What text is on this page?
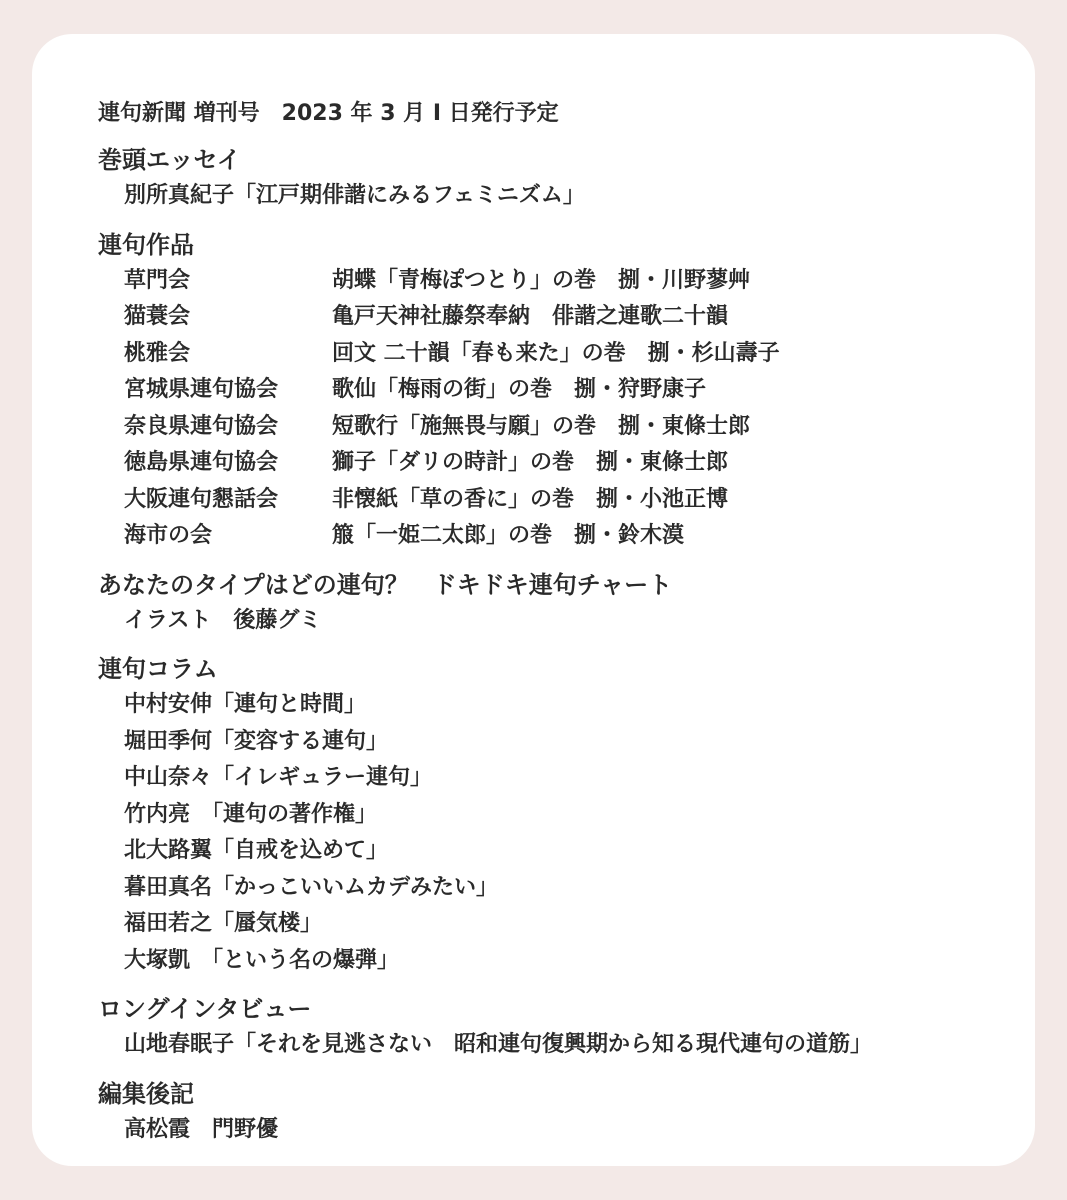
連句新聞 増刊号　2023 年 3 月 I 日発行予定
巻頭エッセイ
別所真紀子「江戸期俳諧にみるフェミニズム」
連句作品
草門会	胡蝶「青梅ぽつとり」の巻　捌・川野蓼艸
猫蓑会	亀戸天神社藤祭奉納　俳諧之連歌二十韻
桃雅会	回文 二十韻「春も来た」の巻　捌・杉山壽子
宮城県連句協会	歌仙「梅雨の街」の巻　捌・狩野康子
奈良県連句協会	短歌行「施無畏与願」の巻　捌・東條士郎
徳島県連句協会	獅子「ダリの時計」の巻　捌・東條士郎
大阪連句懇話会	非懐紙「草の香に」の巻　捌・小池正博
海市の会	箙「一姫二太郎」の巻　捌・鈴木漠
あなたのタイプはどの連句？　ドキドキ連句チャート
イラスト　後藤グミ
連句コラム
中村安伸「連句と時間」
堀田季何「変容する連句」
中山奈々「イレギュラー連句」
竹内亮　「連句の著作権」
北大路翼「自戒を込めて」
暮田真名「かっこいいムカデみたい」
福田若之「蜃気楼」
大塚凱　「という名の爆弾」
ロングインタビュー
山地春眠子「それを見逃さない　昭和連句復興期から知る現代連句の道筋」
編集後記
高松霞　門野優
